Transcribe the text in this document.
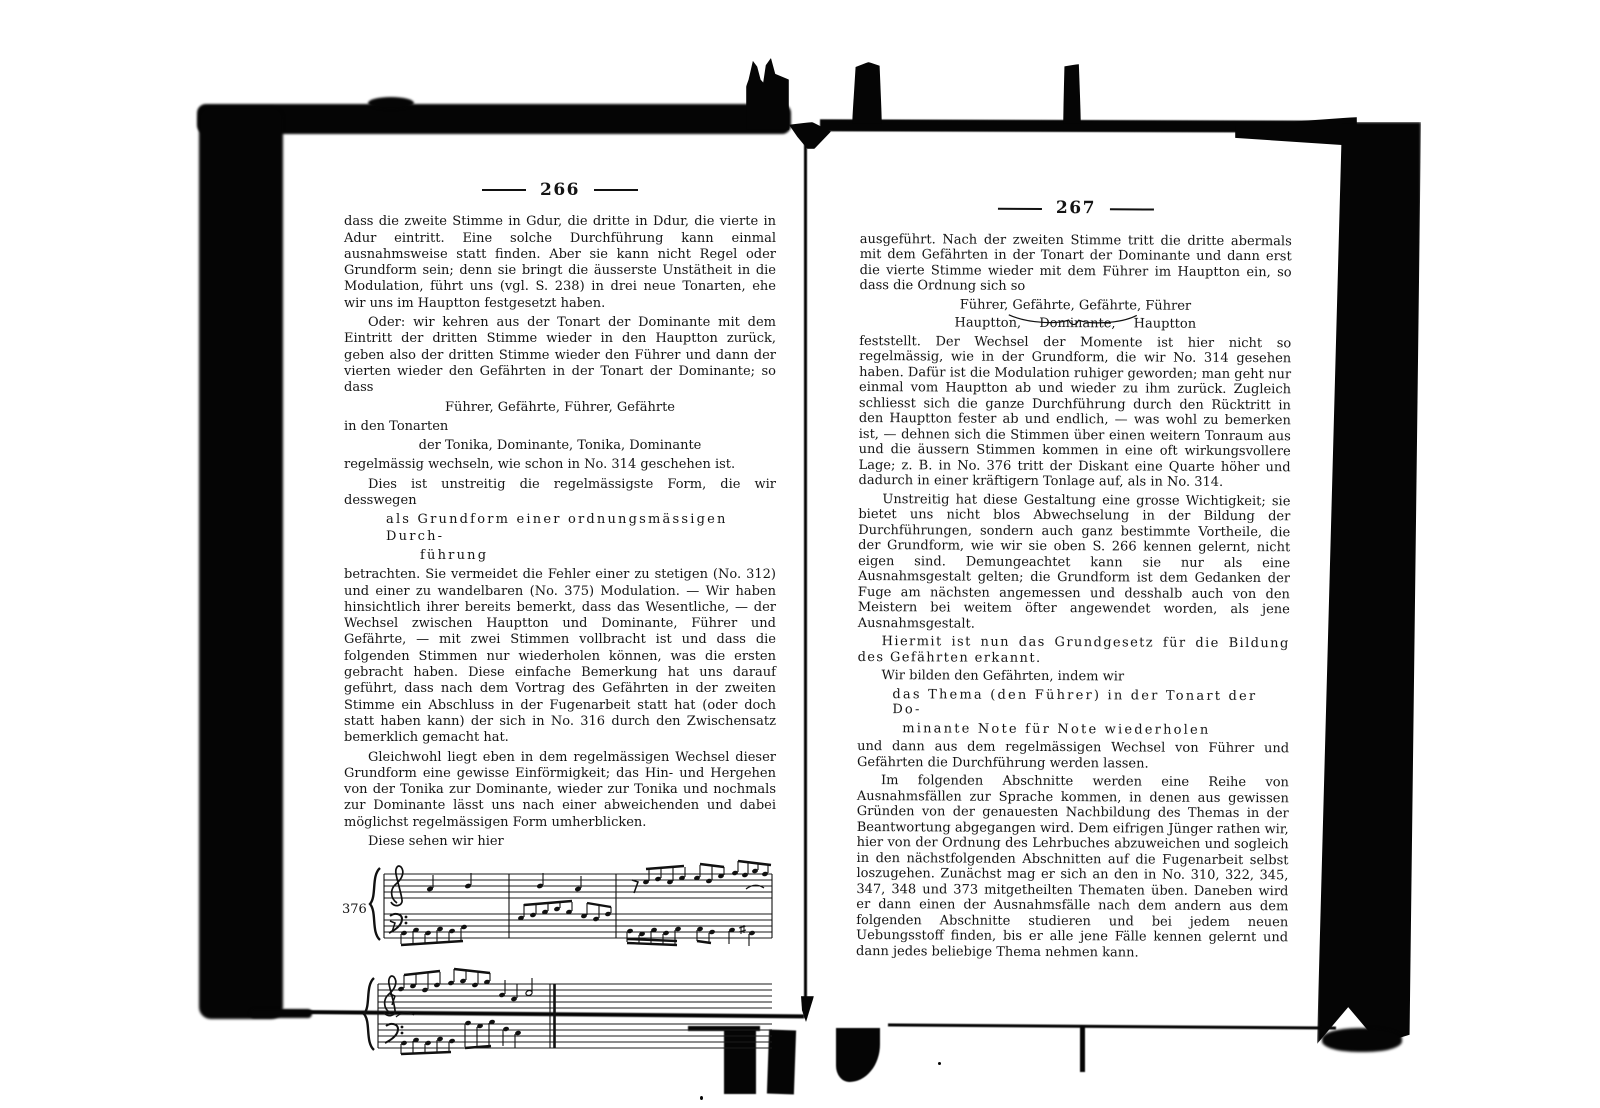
266

dass die zweite Stimme in Gdur, die dritte in Ddur, die vierte in Adur eintritt. Eine solche Durchführung kann einmal ausnahmsweise statt finden. Aber sie kann nicht Regel oder Grundform sein; denn sie bringt die äusserste Unstätheit in die Modulation, führt uns (vgl. S. 238) in drei neue Tonarten, ehe wir uns im Hauptton festgesetzt haben.

Oder: wir kehren aus der Tonart der Dominante mit dem Eintritt der dritten Stimme wieder in den Hauptton zurück, geben also der dritten Stimme wieder den Führer und dann der vierten wieder den Gefährten in der Tonart der Dominante; so dass

Führer, Gefährte, Führer, Gefährte
in den Tonarten
der Tonika, Dominante, Tonika, Dominante
regelmässig wechseln, wie schon in No. 314 geschehen ist.

Dies ist unstreitig die regelmässigste Form, die wir desswegen

als Grundform einer ordnungsmässigen Durch-
führung

betrachten. Sie vermeidet die Fehler einer zu stetigen (No. 312) und einer zu wandelbaren (No. 375) Modulation. — Wir haben hinsichtlich ihrer bereits bemerkt, dass das Wesentliche, — der Wechsel zwischen Hauptton und Dominante, Führer und Gefährte, — mit zwei Stimmen vollbracht ist und dass die folgenden Stimmen nur wiederholen können, was die ersten gebracht haben. Diese einfache Bemerkung hat uns darauf geführt, dass nach dem Vortrag des Gefährten in der zweiten Stimme ein Abschluss in der Fugenarbeit statt hat (oder doch statt haben kann) der sich in No. 316 durch den Zwischensatz bemerklich gemacht hat.

Gleichwohl liegt eben in dem regelmässigen Wechsel dieser Grundform eine gewisse Einförmigkeit; das Hin- und Hergehen von der Tonika zur Dominante, wieder zur Tonika und nochmals zur Dominante lässt uns nach einer abweichenden und dabei möglichst regelmässigen Form umherblicken.

Diese sehen wir hier

376
267

ausgeführt. Nach der zweiten Stimme tritt die dritte abermals mit dem Gefährten in der Tonart der Dominante und dann erst die vierte Stimme wieder mit dem Führer im Hauptton ein, so dass die Ordnung sich so

Führer, Gefährte, Gefährte, Führer
Hauptton, Dominante, Hauptton

feststellt. Der Wechsel der Momente ist hier nicht so regelmässig, wie in der Grundform, die wir No. 314 gesehen haben. Dafür ist die Modulation ruhiger geworden; man geht nur einmal vom Hauptton ab und wieder zu ihm zurück. Zugleich schliesst sich die ganze Durchführung durch den Rücktritt in den Hauptton fester ab und endlich, — was wohl zu bemerken ist, — dehnen sich die Stimmen über einen weitern Tonraum aus und die äussern Stimmen kommen in eine oft wirkungsvollere Lage; z. B. in No. 376 tritt der Diskant eine Quarte höher und dadurch in einer kräftigern Tonlage auf, als in No. 314.

Unstreitig hat diese Gestaltung eine grosse Wichtigkeit; sie bietet uns nicht blos Abwechselung in der Bildung der Durchführungen, sondern auch ganz bestimmte Vortheile, die der Grundform, wie wir sie oben S. 266 kennen gelernt, nicht eigen sind. Demungeachtet kann sie nur als eine Ausnahmsgestalt gelten; die Grundform ist dem Gedanken der Fuge am nächsten angemessen und desshalb auch von den Meistern bei weitem öfter angewendet worden, als jene Ausnahmsgestalt.

Hiermit ist nun das Grundgesetz für die Bildung des Gefährten erkannt.

Wir bilden den Gefährten, indem wir

das Thema (den Führer) in der Tonart der Do-
minante Note für Note wiederholen

und dann aus dem regelmässigen Wechsel von Führer und Gefährten die Durchführung werden lassen.

Im folgenden Abschnitte werden eine Reihe von Ausnahmsfällen zur Sprache kommen, in denen aus gewissen Gründen von der genauesten Nachbildung des Themas in der Beantwortung abgegangen wird. Dem eifrigen Jünger rathen wir, hier von der Ordnung des Lehrbuches abzuweichen und sogleich in den nächstfolgenden Abschnitten auf die Fugenarbeit selbst loszugehen. Zunächst mag er sich an den in No. 310, 322, 345, 347, 348 und 373 mitgetheilten Thematen üben. Daneben wird er dann einen der Ausnahmsfälle nach dem andern aus dem folgenden Abschnitte studieren und bei jedem neuen Uebungsstoff finden, bis er alle jene Fälle kennen gelernt und dann jedes beliebige Thema nehmen kann.
